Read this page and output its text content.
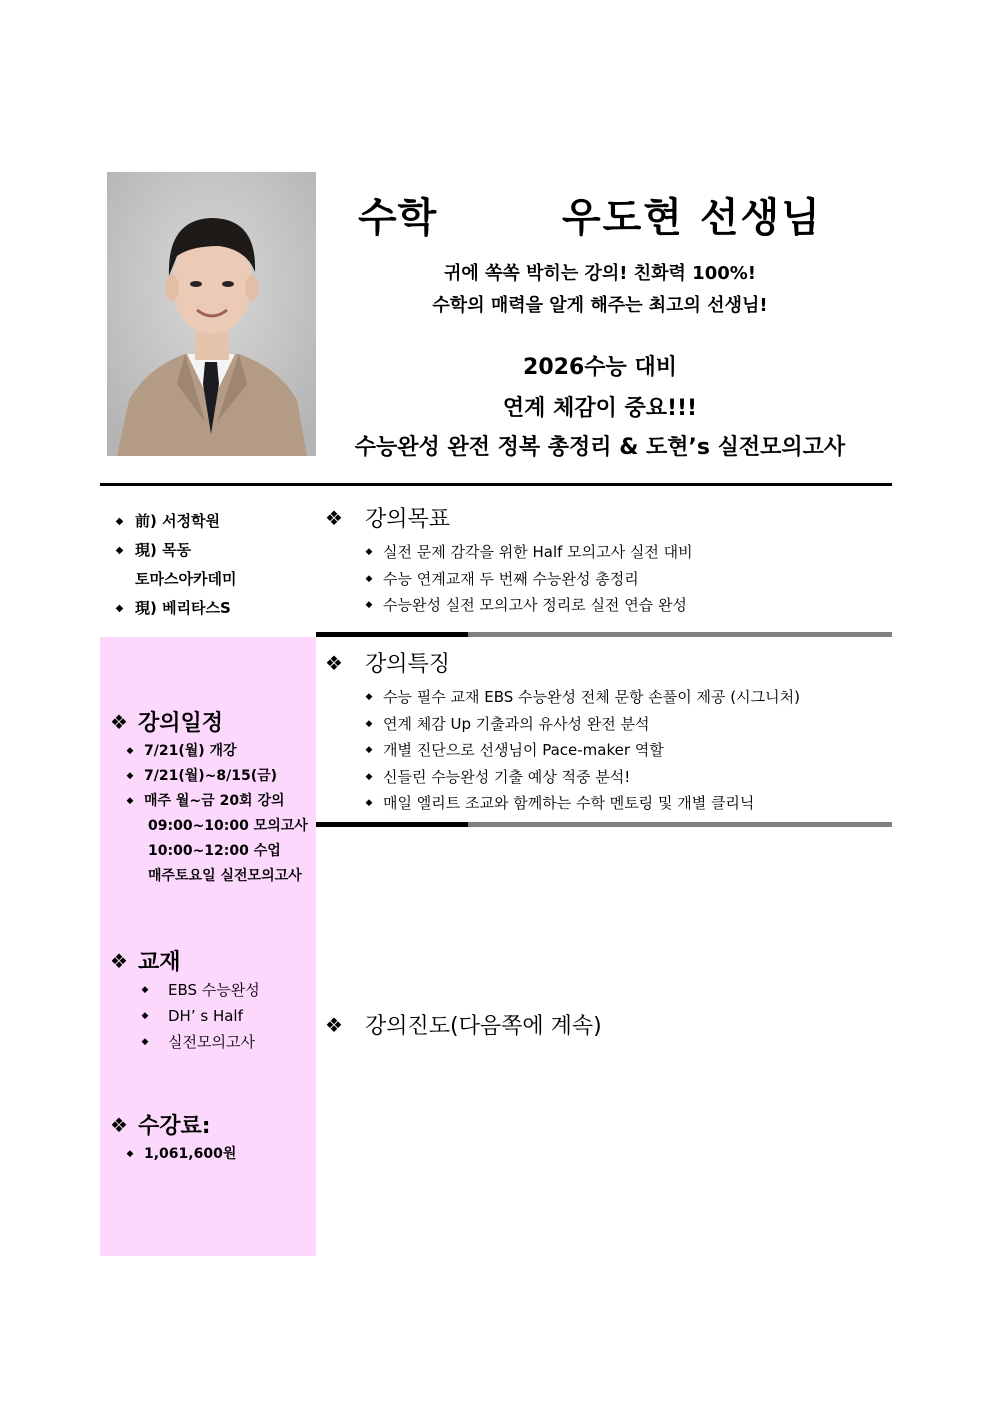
수학	우도현 선생님
귀에 쏙쏙 박히는 강의! 친화력 100%!
수학의 매력을 알게 해주는 최고의 선생님!
2026수능 대비
연계 체감이 중요!!!
수능완성 완전 정복 총정리 & 도현’s 실전모의고사
◆ 前) 서정학원
◆ 現) 목동
토마스아카데미
◆ 現) 베리타스S
❖ 강의일정
◆ 7/21(월) 개강
◆ 7/21(월)~8/15(금)
◆ 매주 월~금 20회 강의
09:00~10:00 모의고사
10:00~12:00 수업
매주토요일 실전모의고사
❖ 교재
◆	EBS 수능완성
◆	DH’ s Half
◆	실전모의고사
❖ 수강료:
◆ 1,061,600원
❖	강의목표
◆ 실전 문제 감각을 위한 Half 모의고사 실전 대비
◆ 수능 연계교재 두 번째 수능완성 총정리
◆ 수능완성 실전 모의고사 정리로 실전 연습 완성
❖	강의특징
◆ 수능 필수 교재 EBS 수능완성 전체 문항 손풀이 제공 (시그니처)
◆ 연계 체감 Up 기출과의 유사성 완전 분석
◆ 개별 진단으로 선생님이 Pace-maker 역할
◆ 신들린 수능완성 기출 예상 적중 분석!
◆ 매일 엘리트 조교와 함께하는 수학 멘토링 및 개별 클리닉
❖	강의진도(다음쪽에 계속)
